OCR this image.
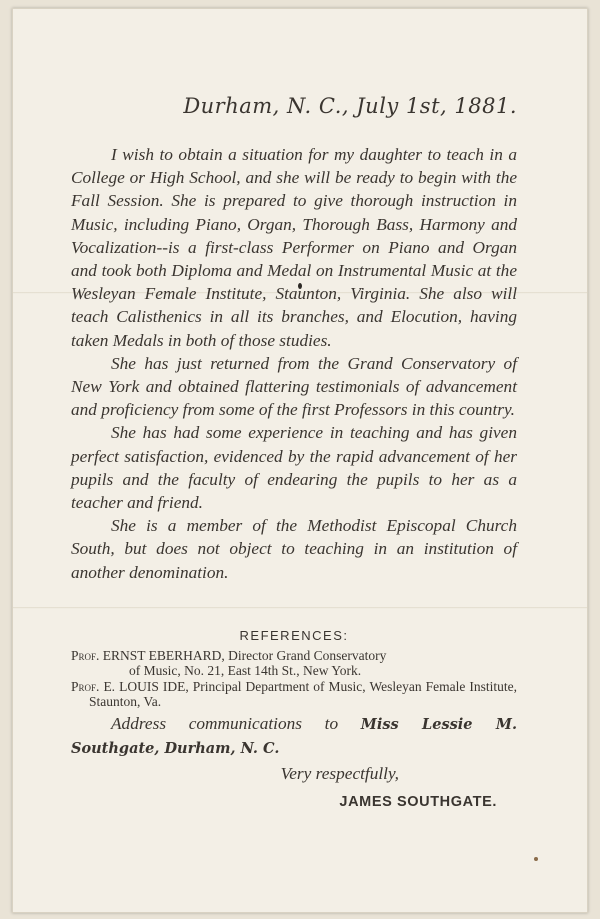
Durham, N. C., July 1st, 1881.

I wish to obtain a situation for my daughter to teach in a College or High School, and she will be ready to begin with the Fall Session. She is prepared to give thorough instruction in Music, including Piano, Organ, Thorough Bass, Harmony and Vocalization--is a first-class Performer on Piano and Organ and took both Diploma and Medal on Instrumental Music at the Wesleyan Female Institute, Staunton, Virginia. She also will teach Calisthenics in all its branches, and Elocution, having taken Medals in both of those studies.

She has just returned from the Grand Conservatory of New York and obtained flattering testimonials of advancement and proficiency from some of the first Professors in this country.

She has had some experience in teaching and has given perfect satisfaction, evidenced by the rapid advancement of her pupils and the faculty of endearing the pupils to her as a teacher and friend.

She is a member of the Methodist Episcopal Church South, but does not object to teaching in an institution of another denomination.

REFERENCES:
Prof. ERNST EBERHARD, Director Grand Conservatory
of Music, No. 21, East 14th St., New York.
Prof. E. LOUIS IDE, Principal Department of Music, Wesleyan Female Institute, Staunton, Va.

Address communications to Miss Lessie M. Southgate, Durham, N. C.

Very respectfully,

JAMES SOUTHGATE.
